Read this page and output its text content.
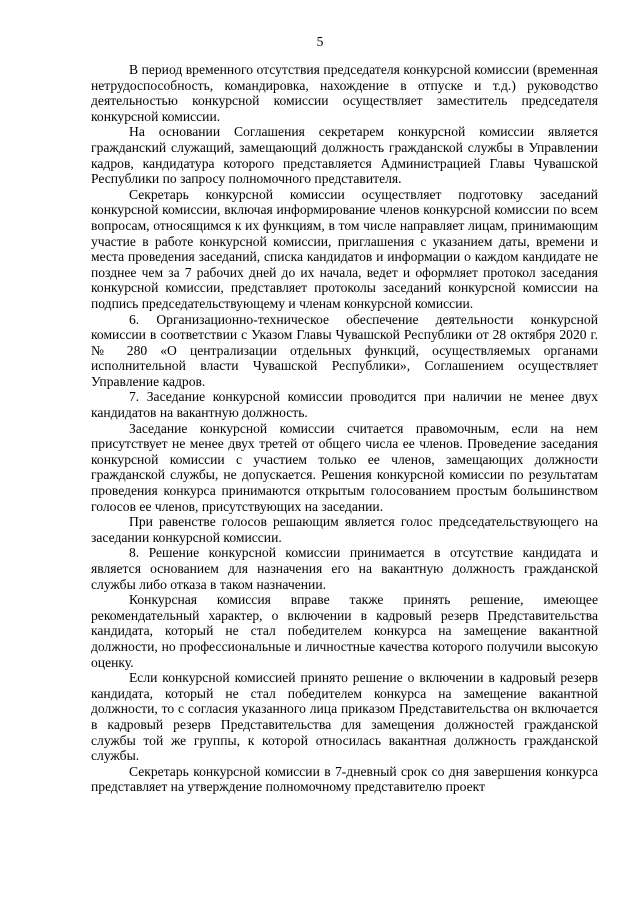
5

В период временного отсутствия председателя конкурсной комиссии (временная нетрудоспособность, командировка, нахождение в отпуске и т.д.) руководство деятельностью конкурсной комиссии осуществляет заместитель председателя конкурсной комиссии.

На основании Соглашения секретарем конкурсной комиссии является гражданский служащий, замещающий должность гражданской службы в Управлении кадров, кандидатура которого представляется Администрацией Главы Чувашской Республики по запросу полномочного представителя.

Секретарь конкурсной комиссии осуществляет подготовку заседаний конкурсной комиссии, включая информирование членов конкурсной комиссии по всем вопросам, относящимся к их функциям, в том числе направляет лицам, принимающим участие в работе конкурсной комиссии, приглашения с указанием даты, времени и места проведения заседаний, списка кандидатов и информации о каждом кандидате не позднее чем за 7 рабочих дней до их начала, ведет и оформляет протокол заседания конкурсной комиссии, представляет протоколы заседаний конкурсной комиссии на подпись председательствующему и членам конкурсной комиссии.

6. Организационно-техническое обеспечение деятельности конкурсной комиссии в соответствии с Указом Главы Чувашской Республики от 28 октября 2020 г. № 280 «О централизации отдельных функций, осуществляемых органами исполнительной власти Чувашской Республики», Соглашением осуществляет Управление кадров.

7. Заседание конкурсной комиссии проводится при наличии не менее двух кандидатов на вакантную должность.

Заседание конкурсной комиссии считается правомочным, если на нем присутствует не менее двух третей от общего числа ее членов. Проведение заседания конкурсной комиссии с участием только ее членов, замещающих должности гражданской службы, не допускается. Решения конкурсной комиссии по результатам проведения конкурса принимаются открытым голосованием простым большинством голосов ее членов, присутствующих на заседании.

При равенстве голосов решающим является голос председательствующего на заседании конкурсной комиссии.

8. Решение конкурсной комиссии принимается в отсутствие кандидата и является основанием для назначения его на вакантную должность гражданской службы либо отказа в таком назначении.

Конкурсная комиссия вправе также принять решение, имеющее рекомендательный характер, о включении в кадровый резерв Представительства кандидата, который не стал победителем конкурса на замещение вакантной должности, но профессиональные и личностные качества которого получили высокую оценку.

Если конкурсной комиссией принято решение о включении в кадровый резерв кандидата, который не стал победителем конкурса на замещение вакантной должности, то с согласия указанного лица приказом Представительства он включается в кадровый резерв Представительства для замещения должностей гражданской службы той же группы, к которой относилась вакантная должность гражданской службы.

Секретарь конкурсной комиссии в 7-дневный срок со дня завершения конкурса представляет на утверждение полномочному представителю проект
